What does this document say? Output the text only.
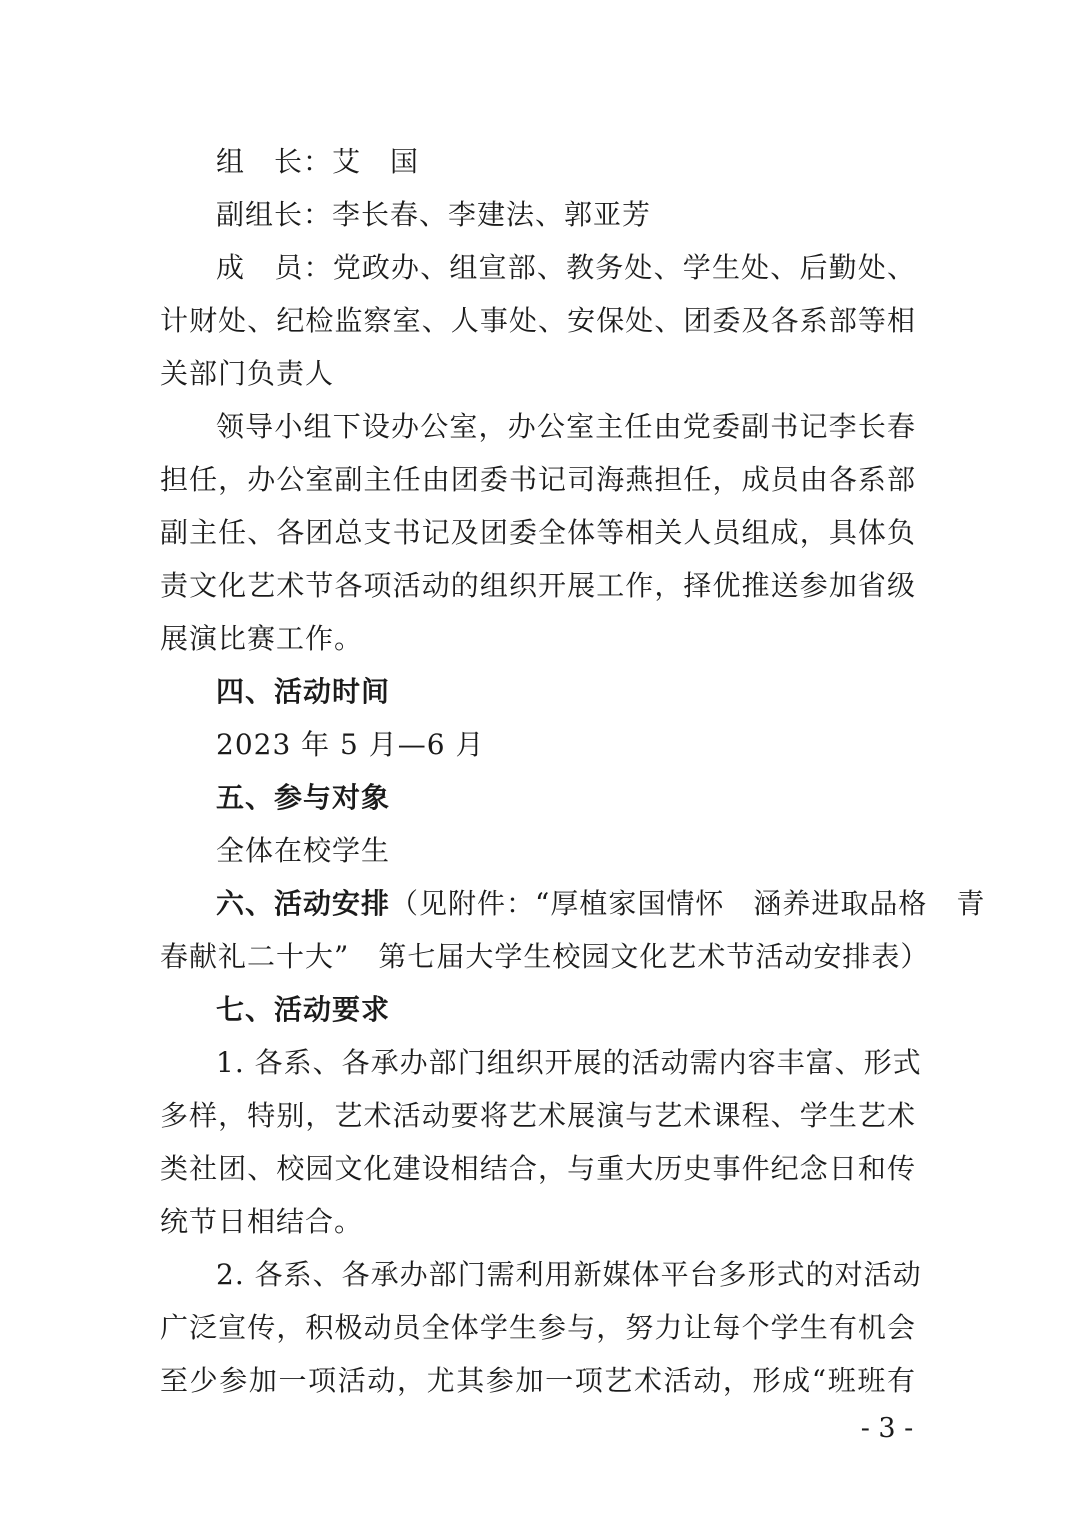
组　长：艾　国
副组长：李长春、李建法、郭亚芳
成　员：党政办、组宣部、教务处、学生处、后勤处、
计财处、纪检监察室、人事处、安保处、团委及各系部等相
关部门负责人
领导小组下设办公室，办公室主任由党委副书记李长春
担任，办公室副主任由团委书记司海燕担任，成员由各系部
副主任、各团总支书记及团委全体等相关人员组成，具体负
责文化艺术节各项活动的组织开展工作，择优推送参加省级
展演比赛工作。
四、活动时间
2023 年 5 月—6 月
五、参与对象
全体在校学生
六、活动安排（见附件：“厚植家国情怀　涵养进取品格　青
春献礼二十大”　第七届大学生校园文化艺术节活动安排表）
七、活动要求
1. 各系、各承办部门组织开展的活动需内容丰富、形式
多样，特别，艺术活动要将艺术展演与艺术课程、学生艺术
类社团、校园文化建设相结合，与重大历史事件纪念日和传
统节日相结合。
2. 各系、各承办部门需利用新媒体平台多形式的对活动
广泛宣传，积极动员全体学生参与，努力让每个学生有机会
至少参加一项活动，尤其参加一项艺术活动，形成“班班有
- 3 -
